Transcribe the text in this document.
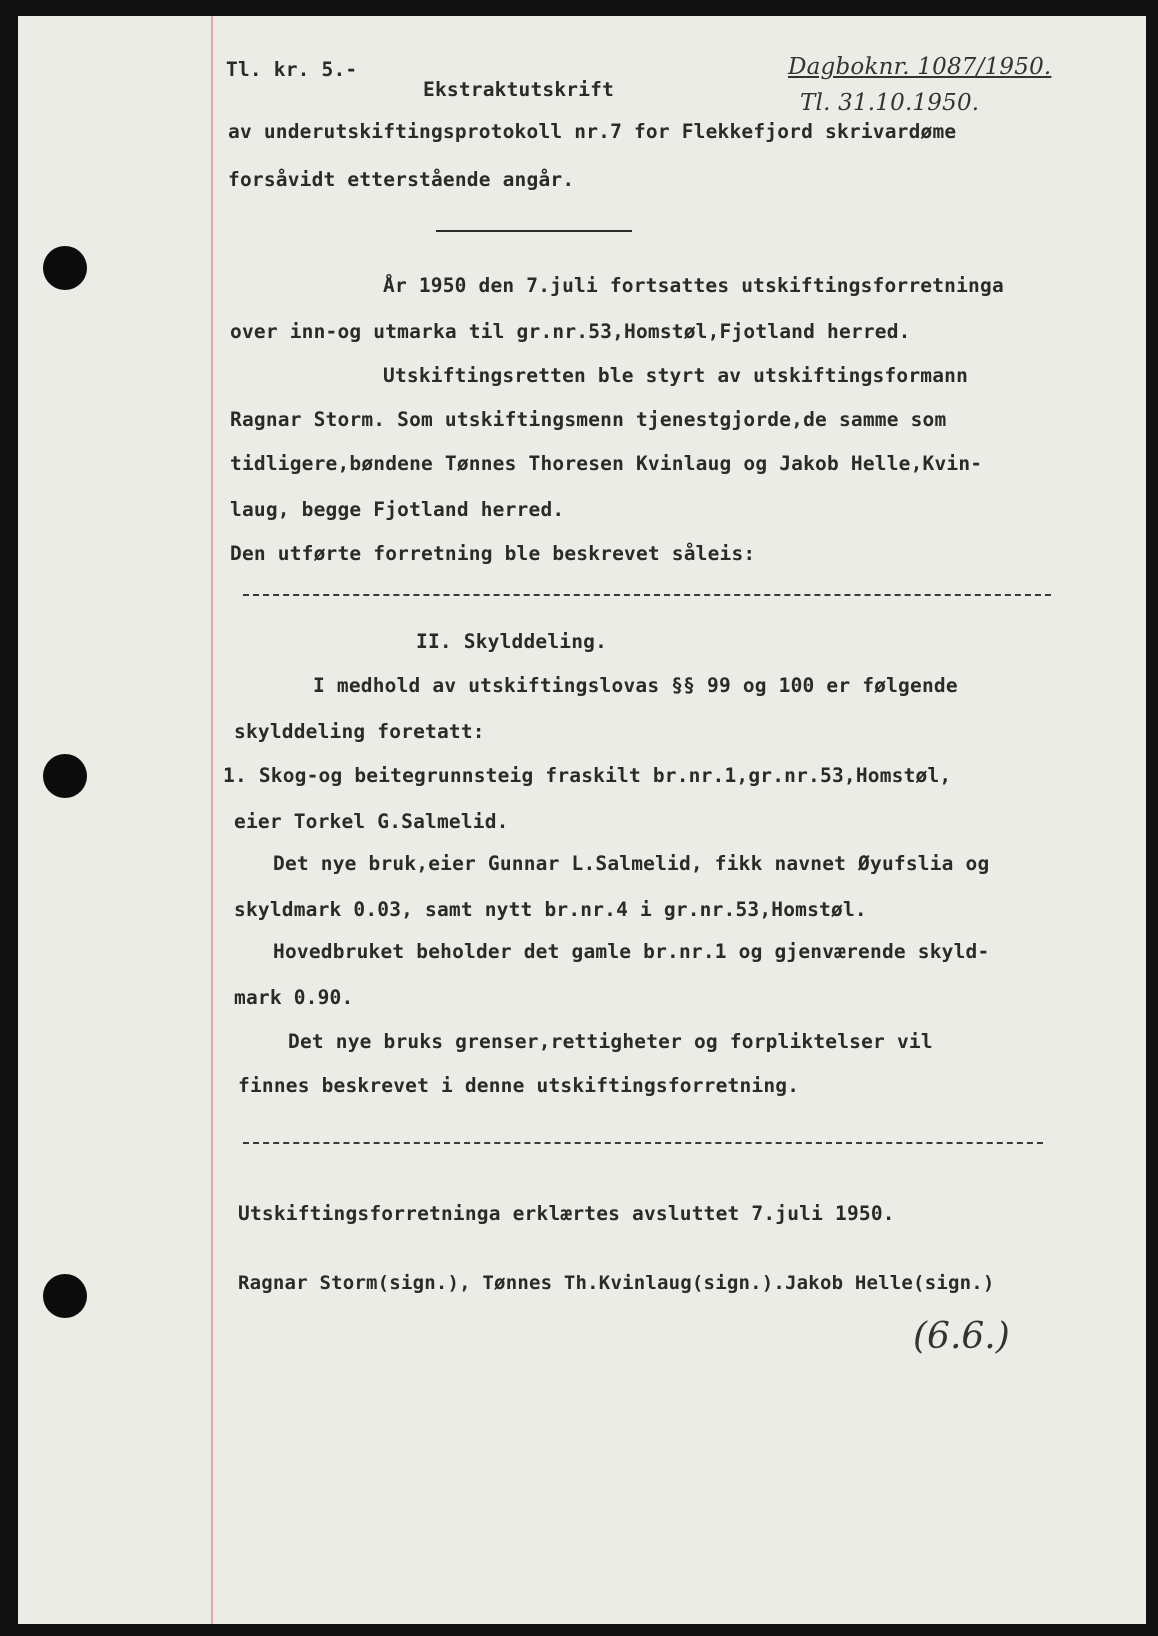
Tl. kr. 5.-
Ekstraktutskrift
Dagboknr. 1087/1950.
Tl. 31.10.1950.
av underutskiftingsprotokoll nr.7 for Flekkefjord skrivardøme
forsåvidt etterstående angår.
År 1950 den 7.juli fortsattes utskiftingsforretninga
over inn-og utmarka til gr.nr.53,Homstøl,Fjotland herred.
Utskiftingsretten ble styrt av utskiftingsformann
Ragnar Storm. Som utskiftingsmenn tjenestgjorde,de samme som
tidligere,bøndene Tønnes Thoresen Kvinlaug og Jakob Helle,Kvin-
laug, begge Fjotland herred.
Den utførte forretning ble beskrevet såleis:
II. Skylddeling.
I medhold av utskiftingslovas §§ 99 og 100 er følgende
skylddeling foretatt:
1. Skog-og beitegrunnsteig fraskilt br.nr.1,gr.nr.53,Homstøl,
eier Torkel G.Salmelid.
Det nye bruk,eier Gunnar L.Salmelid, fikk navnet Øyufslia og
skyldmark 0.03, samt nytt br.nr.4 i gr.nr.53,Homstøl.
Hovedbruket beholder det gamle br.nr.1 og gjenværende skyld-
mark 0.90.
Det nye bruks grenser,rettigheter og forpliktelser vil
finnes beskrevet i denne utskiftingsforretning.
Utskiftingsforretninga erklærtes avsluttet 7.juli 1950.
Ragnar Storm(sign.), Tønnes Th.Kvinlaug(sign.).Jakob Helle(sign.)
(6.6.)
